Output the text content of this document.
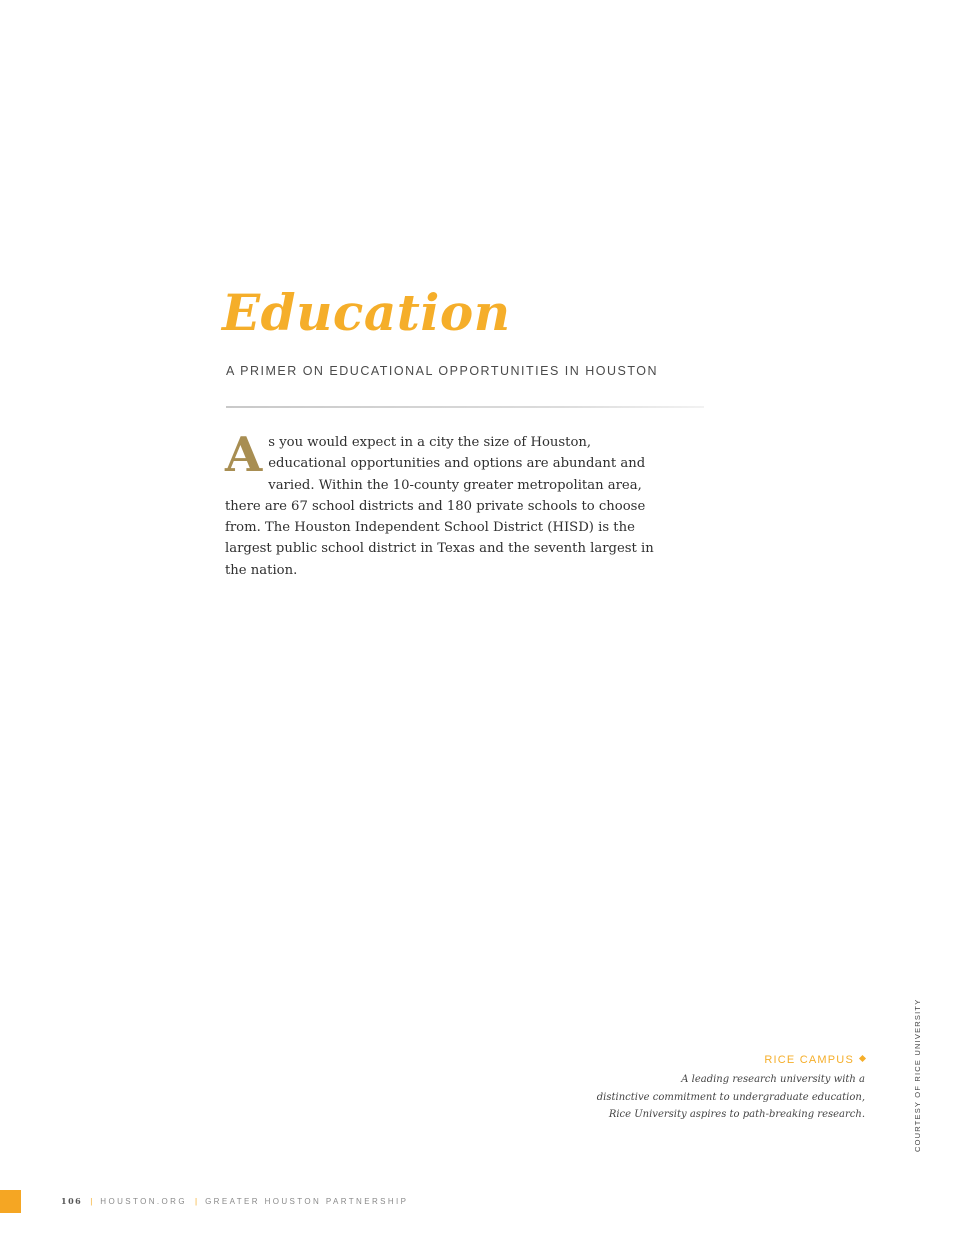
Education
A PRIMER ON EDUCATIONAL OPPORTUNITIES IN HOUSTON

As you would expect in a city the size of Houston, educational opportunities and options are abundant and varied. Within the 10-county greater metropolitan area, there are 67 school districts and 180 private schools to choose from. The Houston Independent School District (HISD) is the largest public school district in Texas and the seventh largest in the nation.

RICE CAMPUS
A leading research university with a
distinctive commitment to undergraduate education,
Rice University aspires to path-breaking research.	COURTESY OF RICE UNIVERSITY
106 | HOUSTON.ORG | GREATER HOUSTON PARTNERSHIP
